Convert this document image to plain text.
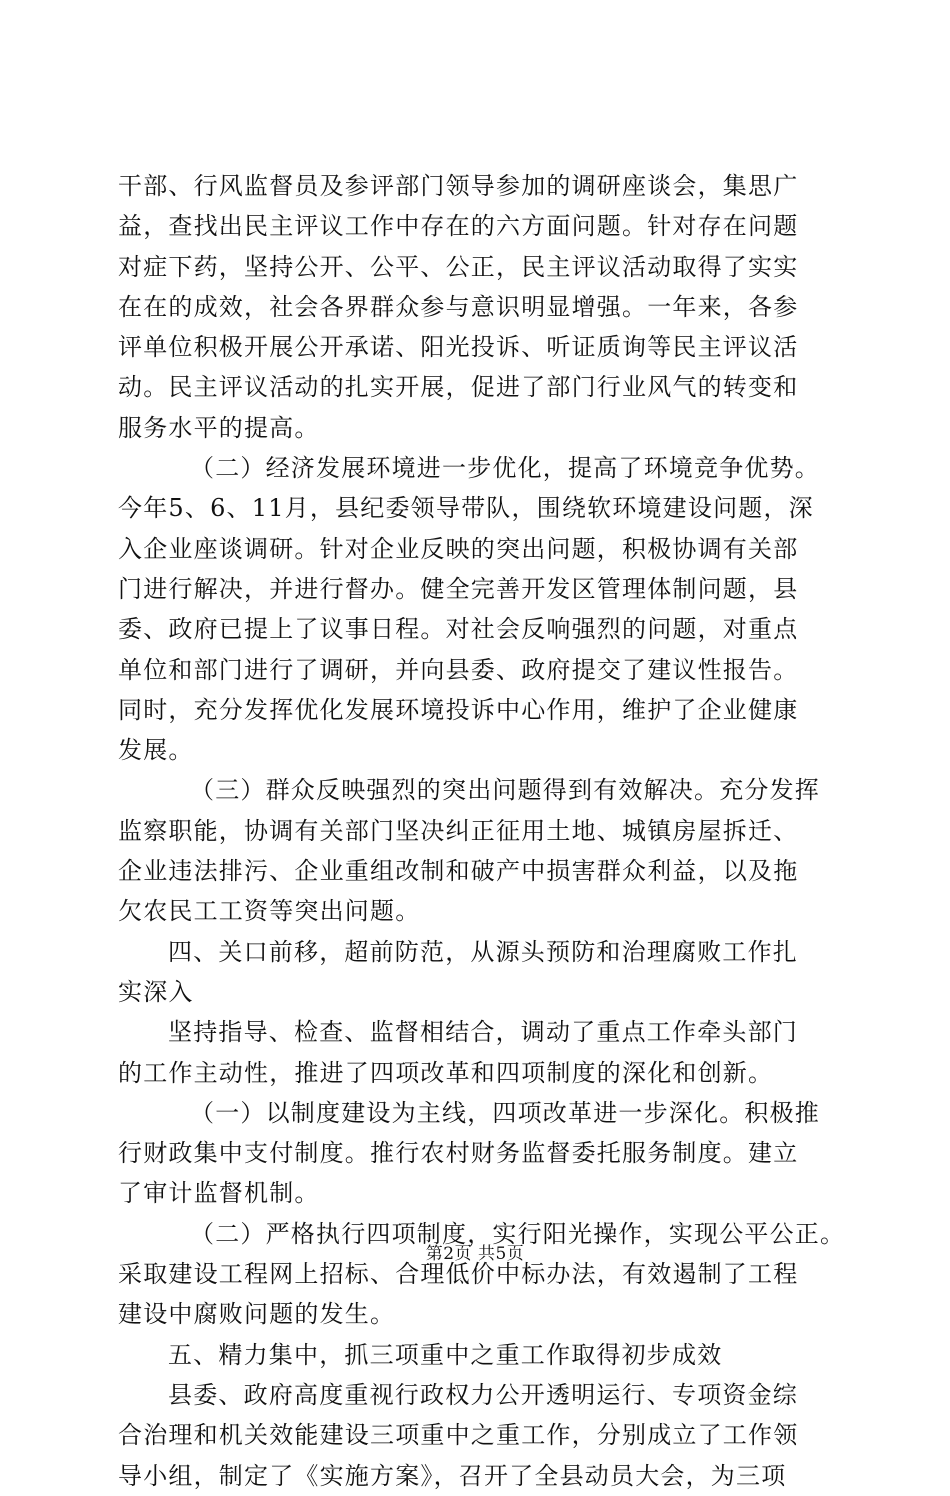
干部、行风监督员及参评部门领导参加的调研座谈会，集思广
益，查找出民主评议工作中存在的六方面问题。针对存在问题
对症下药，坚持公开、公平、公正，民主评议活动取得了实实
在在的成效，社会各界群众参与意识明显增强。一年来，各参
评单位积极开展公开承诺、阳光投诉、听证质询等民主评议活
动。民主评议活动的扎实开展，促进了部门行业风气的转变和
服务水平的提高。
（二）经济发展环境进一步优化，提高了环境竞争优势。
今年5、6、11月，县纪委领导带队，围绕软环境建设问题，深
入企业座谈调研。针对企业反映的突出问题，积极协调有关部
门进行解决，并进行督办。健全完善开发区管理体制问题，县
委、政府已提上了议事日程。对社会反响强烈的问题，对重点
单位和部门进行了调研，并向县委、政府提交了建议性报告。
同时，充分发挥优化发展环境投诉中心作用，维护了企业健康
发展。
（三）群众反映强烈的突出问题得到有效解决。充分发挥
监察职能，协调有关部门坚决纠正征用土地、城镇房屋拆迁、
企业违法排污、企业重组改制和破产中损害群众利益，以及拖
欠农民工工资等突出问题。
四、关口前移，超前防范，从源头预防和治理腐败工作扎
实深入
坚持指导、检查、监督相结合，调动了重点工作牵头部门
的工作主动性，推进了四项改革和四项制度的深化和创新。
（一）以制度建设为主线，四项改革进一步深化。积极推
行财政集中支付制度。推行农村财务监督委托服务制度。建立
了审计监督机制。
（二）严格执行四项制度，实行阳光操作，实现公平公正。
采取建设工程网上招标、合理低价中标办法，有效遏制了工程
建设中腐败问题的发生。
五、精力集中，抓三项重中之重工作取得初步成效
县委、政府高度重视行政权力公开透明运行、专项资金综
合治理和机关效能建设三项重中之重工作，分别成立了工作领
导小组，制定了《实施方案》，召开了全县动员大会，为三项
第2页 共5页
